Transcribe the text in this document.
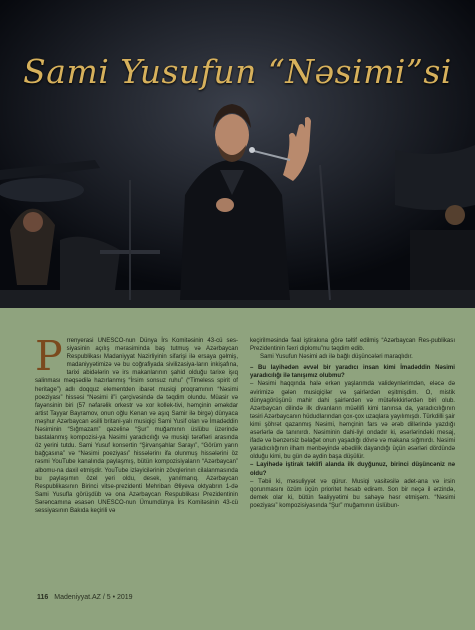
Sami Yusufun “Nəsimi”si
P rrenyerasi UNESCO-nun Dünya İrs Komitəsinin 43-cü ses-siyasinin açılış mərasiminda baş tutmuş və Azərbaycan Respublikası Madaniyyat Nazirliyinin sifarişi ilə ersaya gəlmiş, madaniyyətimizə və bu coğrafiyada sivilizasiya-ların inkişafına, tarixi abidələrin və irs makanlarının şahid olduğu tarixe işıq salinması məqsədilə hazırlanmış “İrsim sonsuz ruhu” (“Timeless spirit of heritage”) adlı doqquz elementden ibarət musiqi proqramının “Nəsimi poeziyası” hissəsi “Nəsimi il”i çərçivəsində də təqdim olundu. Müasir və fayənsinin biri (57 nəfarəlik orkestr və xor kollek-tivi, həmçinin əməkdar artist Tayyar Bayramov, onun oğlu Kenan və aşıq Samir ilə birgə) dünyaca məşhur Azərbaycan əsilli britani-yalı musiqiçi Sami Yusif olan və İmadəddin Nəsiminin “Sığmazam” qəzelinə “Şur” muğamının üslübu üzerində bastalanmış kompozisi-ya Nəsimi yaradıcılığı və musiqi tərəfləri arasında öz yerini tutdu. Sami Yusuf konsertin “Şirvanşahlar Sarayı”, “Görüm yarın bağçasına” və “Nəsimi poeziyası” hissələrinı ifa olunmuş hissələrini öz rəsmi YouTube kanalında paylaşmış, bütün kompozisiyaların “Azərbaycan” albomu-na daxil etmişdir. YouTube izləyicilərinin zövqlerinın cilalanmasında bu paylaşımın özel yeri oldu, desek, yanılmarıq. Azərbaycan Respublikasının Birinci vitse-prezidenti Mehriban Əliyeva oktyabrın 1-də Sami Yusufla görüşdüb və ona Azərbaycan Respublikası Prezidentinin Sərəncamına əsasən UNESCO-nun Ümumdünya İrs Komitəsinin 43-cü sessiyasının Bakıda keçirili və

keçirilməsində fəal iştirakına görə təltif edilmiş “Azərbaycan Res-publikası Prezidentinin fəxri diplomu”nu təqdim edib.

Sami Yusufun Nəsimi adı ilə bağlı düşüncələri maraqlıdır.

– Bu layihədən əvvəl bir yaradıcı insan kimi İmadəddin Nəsimi yaradıcılığı ilə tanışımız olubmu?

– Nəsimi haqqında halə erkən yaşlarımda valideynlərimdən, eləcə də əvirimizə gələn musiqiçilər və şairlərdən eşitmişdim. O, mistik dünyagörüşünü mahir dahi şairlərdən və mütəfekkirlərdən biri olub. Azərbaycan dilində ilk divanların müəllifi kimi tanınsa da, yaradıcılığının təsiri Azərbaycanın hüdudlarından çox-çox uzaqlara yayılımışdı. Türkdilli şair kimi şöhrət qazanmış Nəsimi, həmçinin fars və ərəb dillərində yazdığı əsərlərlə də tanınırdı. Nəsiminin dahi-liyi ondadır ki, əsərlərindəki mesaj, ifadə və bənzersiz bəlağət onun yaşadığı dövrə və makana sığmırdı. Nəsimi yaradıcılığının ilham mənbəyində əbədilik dayandığı üçün əsərləri dördündə olduğu kimi, bu gün də aydin başa düşülür.

– Layihədə iştirak təklifi alanda ilk duyğunuz, birinci düşüncəniz nə oldu?

– Təbii ki, məsuliyyət və qürur. Musiqi vasitəsilə adet-ana və irsin qorunmasını özüm üçün prioritet hesab edirəm. Son bir neçə il ərzində, demek olar ki, bütün fəaliyyətimi bu sahəyə həsr etmişəm. “Nəsimi poeziyası” kompozisiyasında “Şur” muğamının üslübun-

116 Madeniyyat.AZ / 5 • 2019
